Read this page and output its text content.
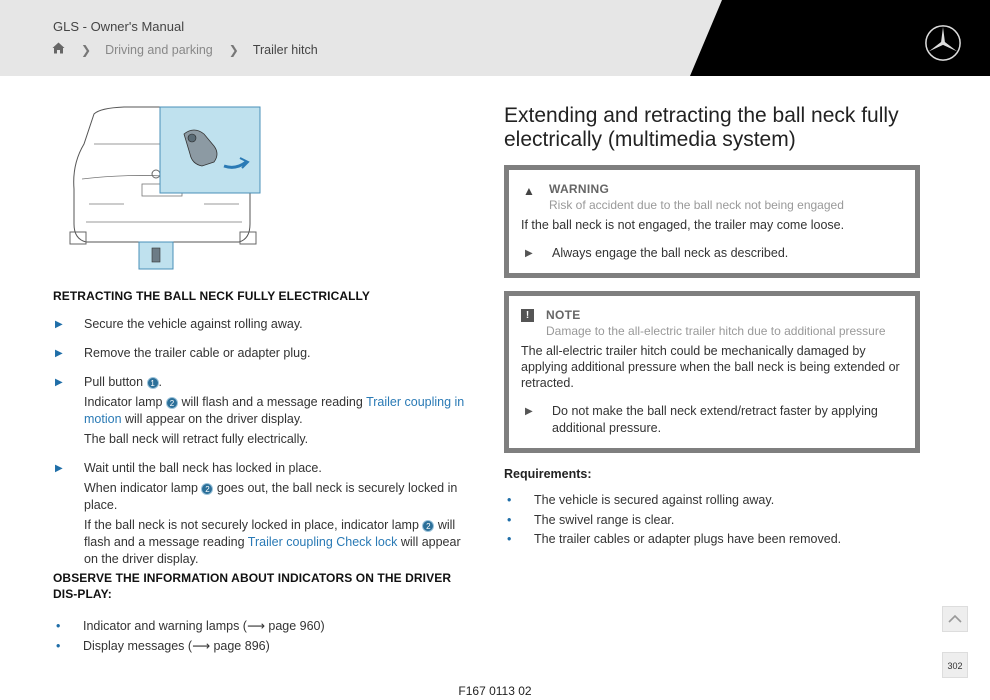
GLS - Owner's Manual
❯ Driving and parking ❯ Trailer hitch
RETRACTING THE BALL NECK FULLY ELECTRICALLY
▶ Secure the vehicle against rolling away.
▶ Remove the trailer cable or adapter plug.
▶ Pull button 1 .
Indicator lamp 2 will flash and a message reading Trailer coupling in motion will appear on the driver display.
The ball neck will retract fully electrically.
▶ Wait until the ball neck has locked in place.
When indicator lamp 2 goes out, the ball neck is securely locked in place.
If the ball neck is not securely locked in place, indicator lamp 2 will flash and a message reading Trailer coupling Check lock will appear on the driver display.
OBSERVE THE INFORMATION ABOUT INDICATORS ON THE DRIVER DIS-PLAY:
• Indicator and warning lamps (⟶ page 960)
• Display messages (⟶ page 896)
Extending and retracting the ball neck fully electrically (multimedia system)
▲ WARNING
Risk of accident due to the ball neck not being engaged

If the ball neck is not engaged, the trailer may come loose.

▶ Always engage the ball neck as described.
!	NOTE
Damage to the all-electric trailer hitch due to additional pressure

The all-electric trailer hitch could be mechanically damaged by applying additional pressure when the ball neck is being extended or retracted.

▶ Do not make the ball neck extend/retract faster by applying additional pressure.
Requirements:
• The vehicle is secured against rolling away.
• The swivel range is clear.
• The trailer cables or adapter plugs have been removed.
302
F167 0113 02
